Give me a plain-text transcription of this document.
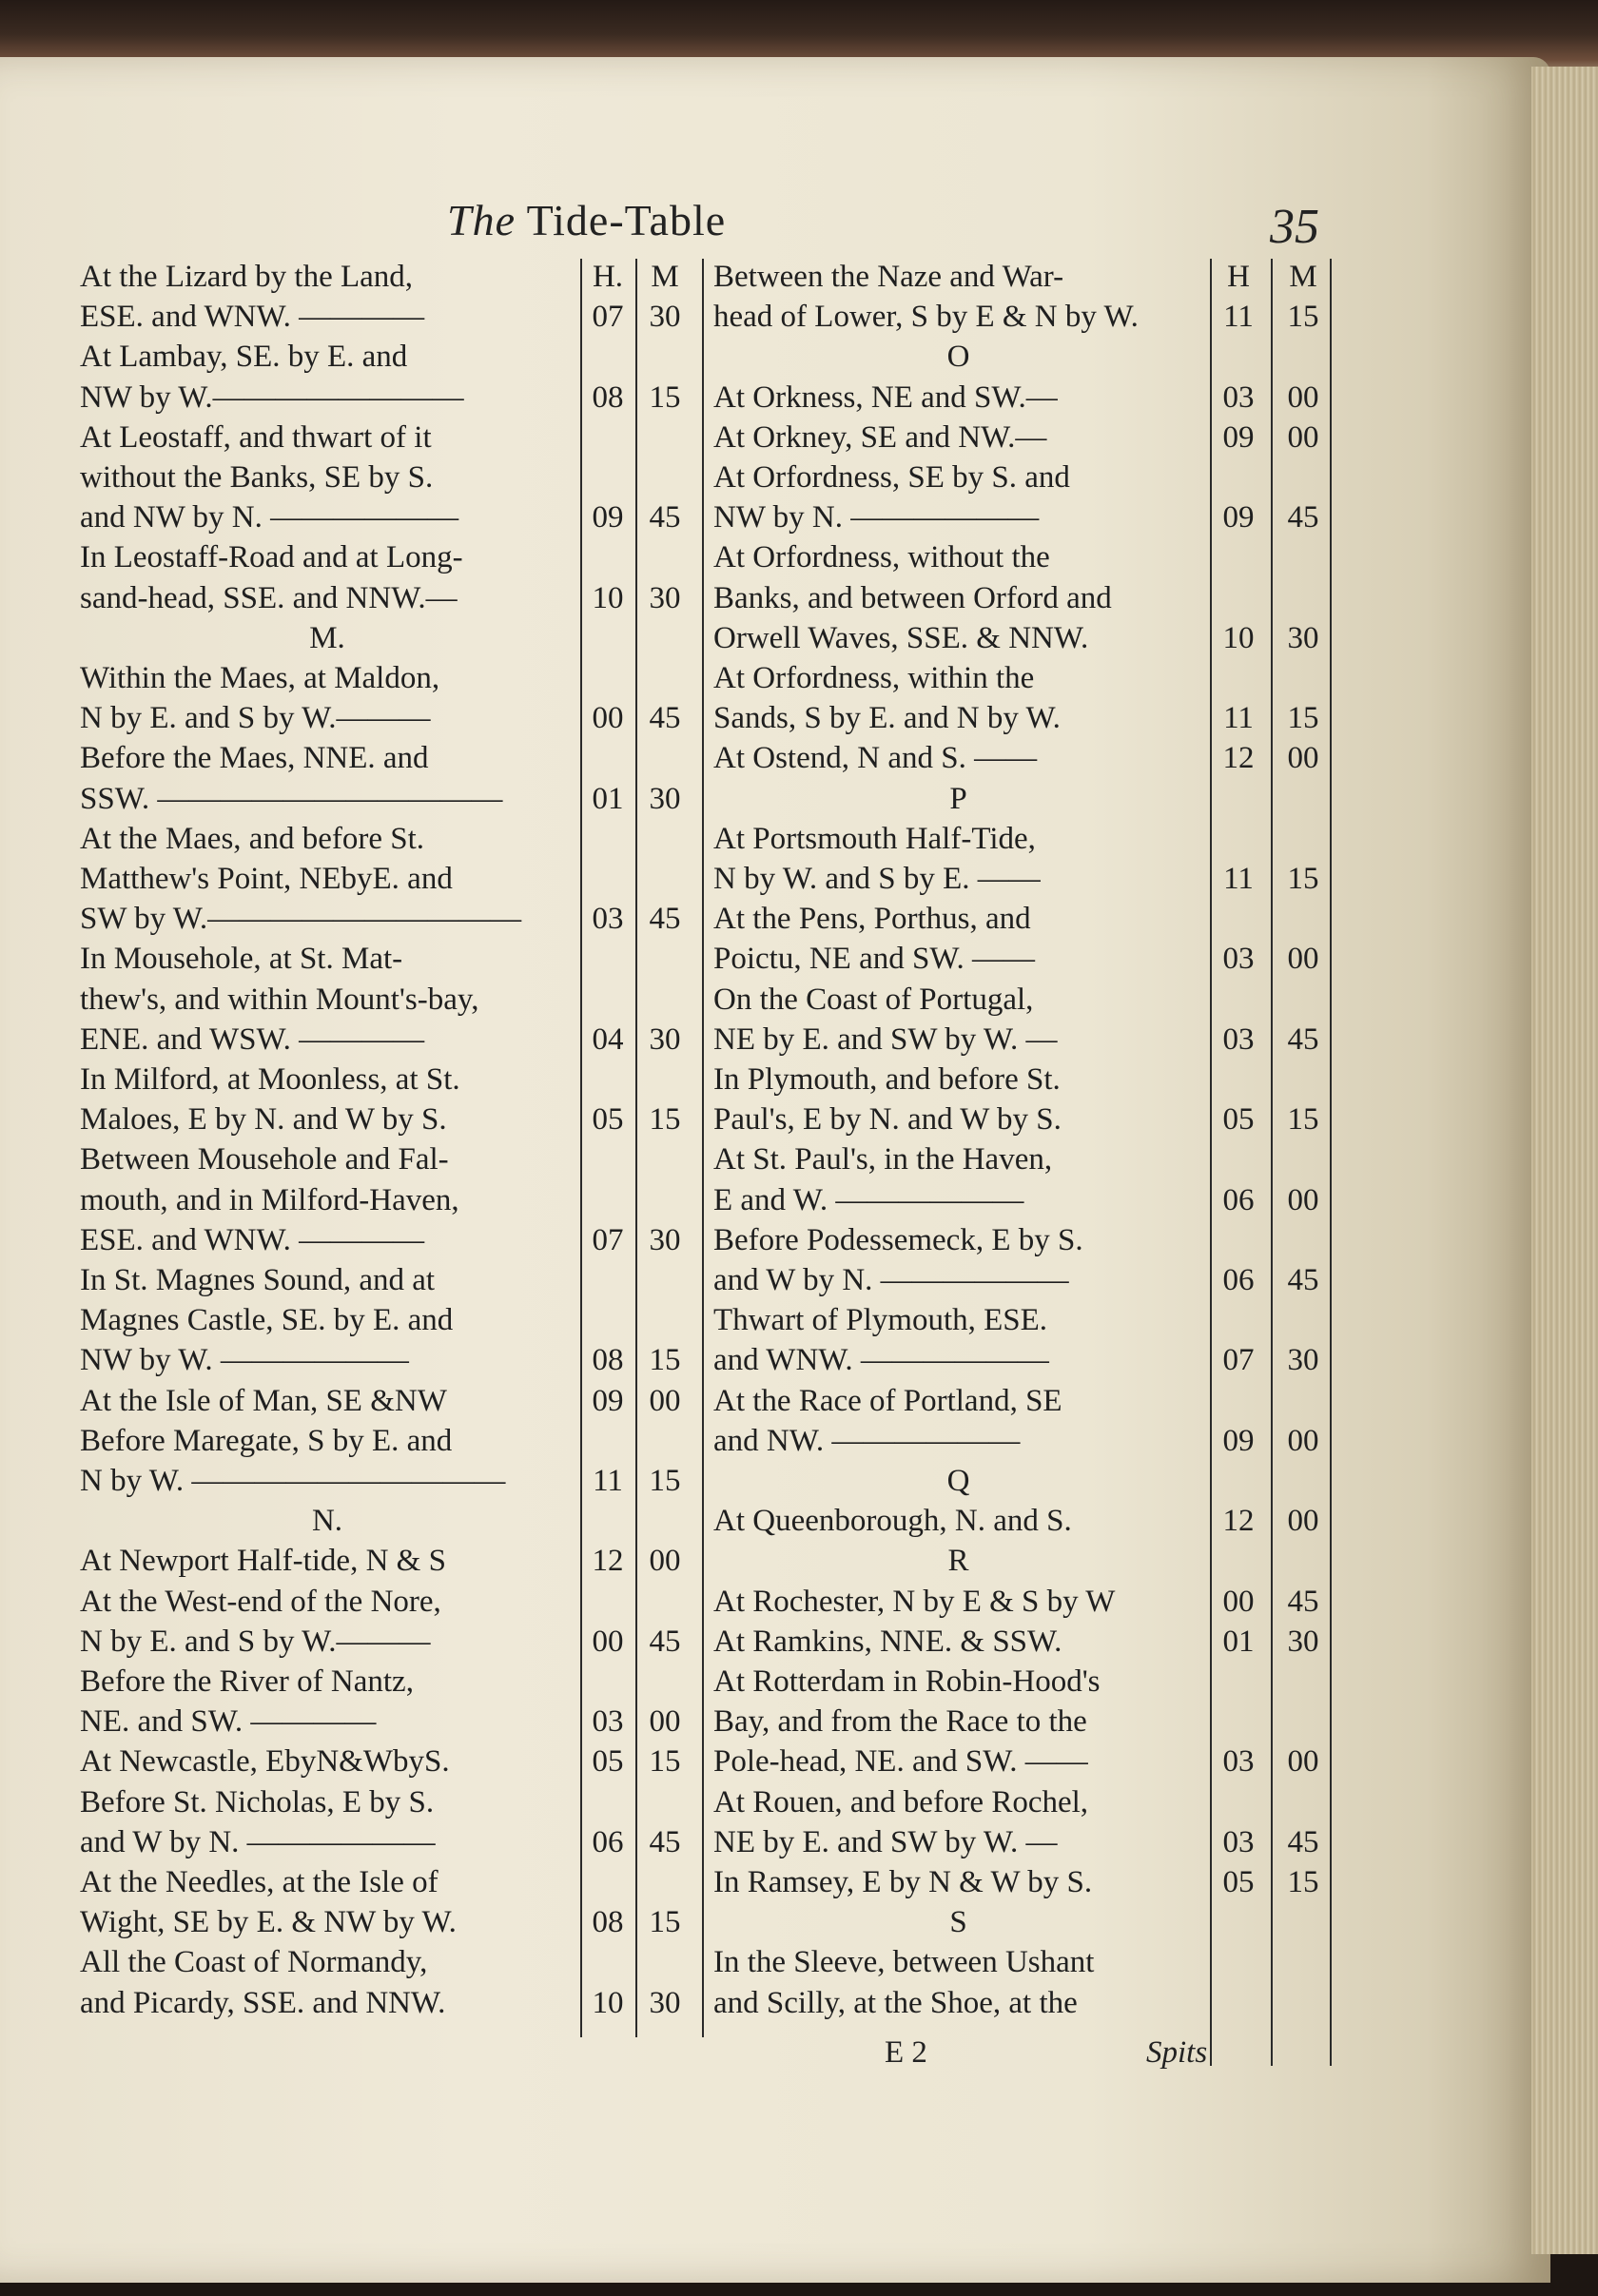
The Tide-Table	35
H. M
At the Lizard by the Land,
ESE. and WNW. ————	07 30
At Lambay, SE. by E. and
NW by W.————————	08 15
At Leostaff, and thwart of it
without the Banks, SE by S.
and NW by N. ——————	09 45
In Leostaff-Road and at Long-
sand-head, SSE. and NNW.—	10 30
M.
Within the Maes, at Maldon,
N by E. and S by W.———	00 45
Before the Maes, NNE. and
SSW. ———————————	01 30
At the Maes, and before St.
Matthew's Point, NEbyE. and
SW by W.——————————	03 45
In Mousehole, at St. Mat-
thew's, and within Mount's-bay,
ENE. and WSW. ————	04 30
In Milford, at Moonless, at St.
Maloes, E by N. and W by S.	05 15
Between Mousehole and Fal-
mouth, and in Milford-Haven,
ESE. and WNW. ————	07 30
In St. Magnes Sound, and at
Magnes Castle, SE. by E. and
NW by W. ——————	08 15
At the Isle of Man, SE &NW	09 00
Before Maregate, S by E. and
N by W. ——————————	11 15
N.
At Newport Half-tide, N & S	12 00
At the West-end of the Nore,
N by E. and S by W.———	00 45
Before the River of Nantz,
NE. and SW. ————	03 00
At Newcastle, EbyN&WbyS.	05 15
Before St. Nicholas, E by S.
and W by N. ——————	06 45
At the Needles, at the Isle of
Wight, SE by E. & NW by W.	08 15
All the Coast of Normandy,
and Picardy, SSE. and NNW.	10 30
H	M
Between the Naze and War-
head of Lower, S by E & N by W.	11	15
O
At Orkness, NE and SW.—	03	00
At Orkney, SE and NW.—	09	00
At Orfordness, SE by S. and
NW by N. ——————	09	45
At Orfordness, without the
Banks, and between Orford and
Orwell Waves, SSE. & NNW.	10	30
At Orfordness, within the
Sands, S by E. and N by W.	11	15
At Ostend, N and S. ——	12	00
P
At Portsmouth Half-Tide,
N by W. and S by E. ——	11	15
At the Pens, Porthus, and
Poictu, NE and SW. ——	03	00
On the Coast of Portugal,
NE by E. and SW by W. —	03	45
In Plymouth, and before St.
Paul's, E by N. and W by S.	05	15
At St. Paul's, in the Haven,
E and W. ——————	06	00
Before Podessemeck, E by S.
and W by N. ——————	06	45
Thwart of Plymouth, ESE.
and WNW. ——————	07	30
At the Race of Portland, SE
and NW. ——————	09	00
Q
At Queenborough, N. and S.	12	00
R
At Rochester, N by E & S by W	00	45
At Ramkins, NNE. & SSW.	01	30
At Rotterdam in Robin-Hood's
Bay, and from the Race to the
Pole-head, NE. and SW. ——	03	00
At Rouen, and before Rochel,
NE by E. and SW by W. —	03	45
In Ramsey, E by N & W by S.	05	15
S
In the Sleeve, between Ushant
and Scilly, at the Shoe, at the
E 2	Spits
